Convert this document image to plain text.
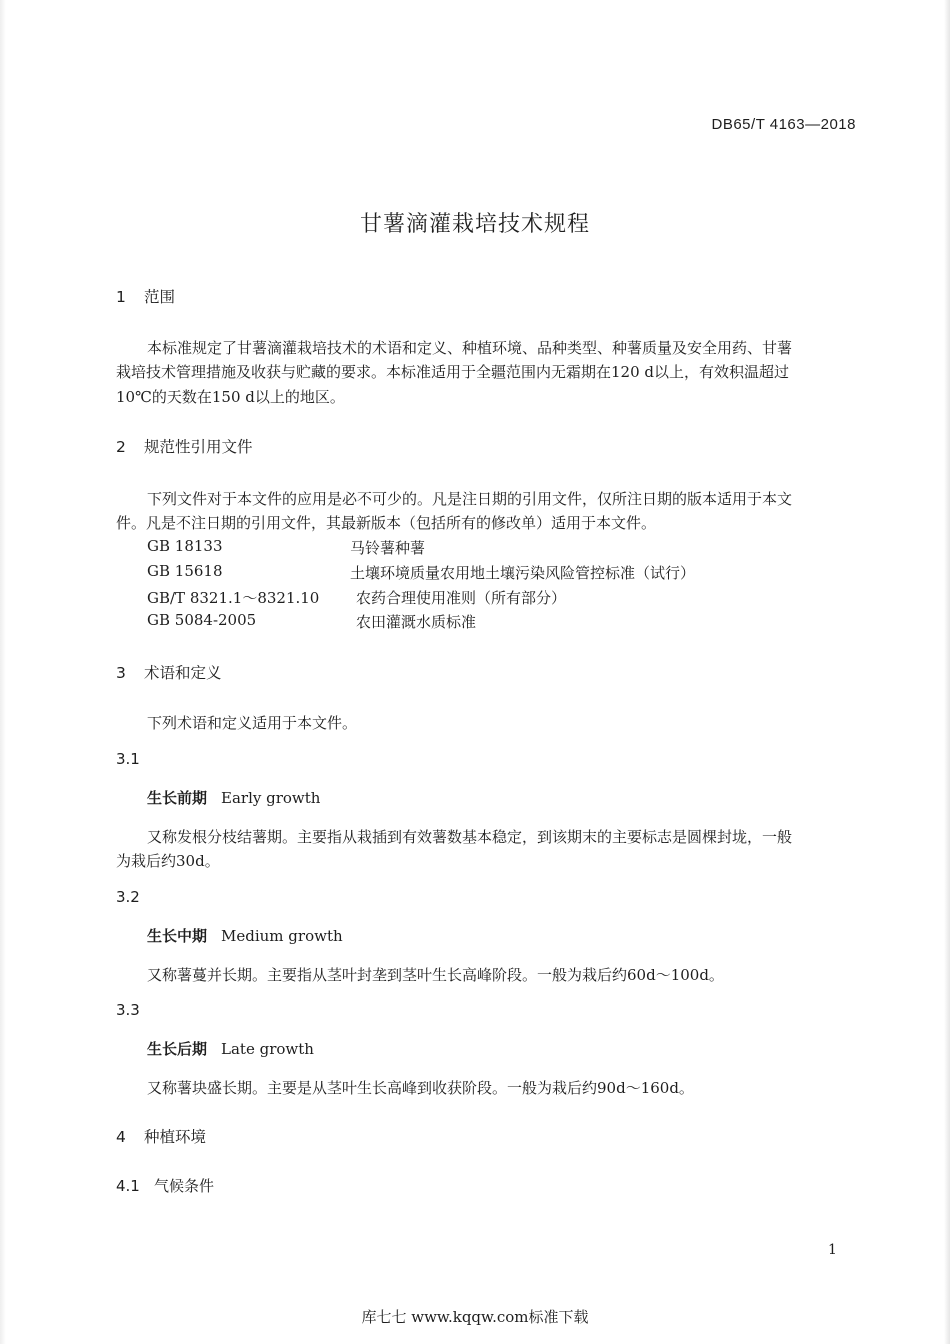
DB65/T 4163—2018
甘薯滴灌栽培技术规程
1 范围
本标准规定了甘薯滴灌栽培技术的术语和定义、种植环境、品种类型、种薯质量及安全用药、甘薯
栽培技术管理措施及收获与贮藏的要求。本标准适用于全疆范围内无霜期在120 d以上，有效积温超过
10℃的天数在150 d以上的地区。
2 规范性引用文件
下列文件对于本文件的应用是必不可少的。凡是注日期的引用文件，仅所注日期的版本适用于本文
件。凡是不注日期的引用文件，其最新版本（包括所有的修改单）适用于本文件。
GB 18133	马铃薯种薯
GB 15618	土壤环境质量农用地土壤污染风险管控标准（试行）
GB/T 8321.1～8321.10 农药合理使用准则（所有部分）
GB 5084-2005	农田灌溉水质标准
3 术语和定义
下列术语和定义适用于本文件。
3.1
生长前期 Early growth
又称发根分枝结薯期。主要指从栽插到有效薯数基本稳定，到该期末的主要标志是圆棵封垅，一般
为栽后约30d。
3.2
生长中期 Medium growth
又称薯蔓并长期。主要指从茎叶封垄到茎叶生长高峰阶段。一般为栽后约60d～100d。
3.3
生长后期 Late growth
又称薯块盛长期。主要是从茎叶生长高峰到收获阶段。一般为栽后约90d～160d。
4 种植环境
4.1 气候条件
1
库七七 www.kqqw.com标准下载
